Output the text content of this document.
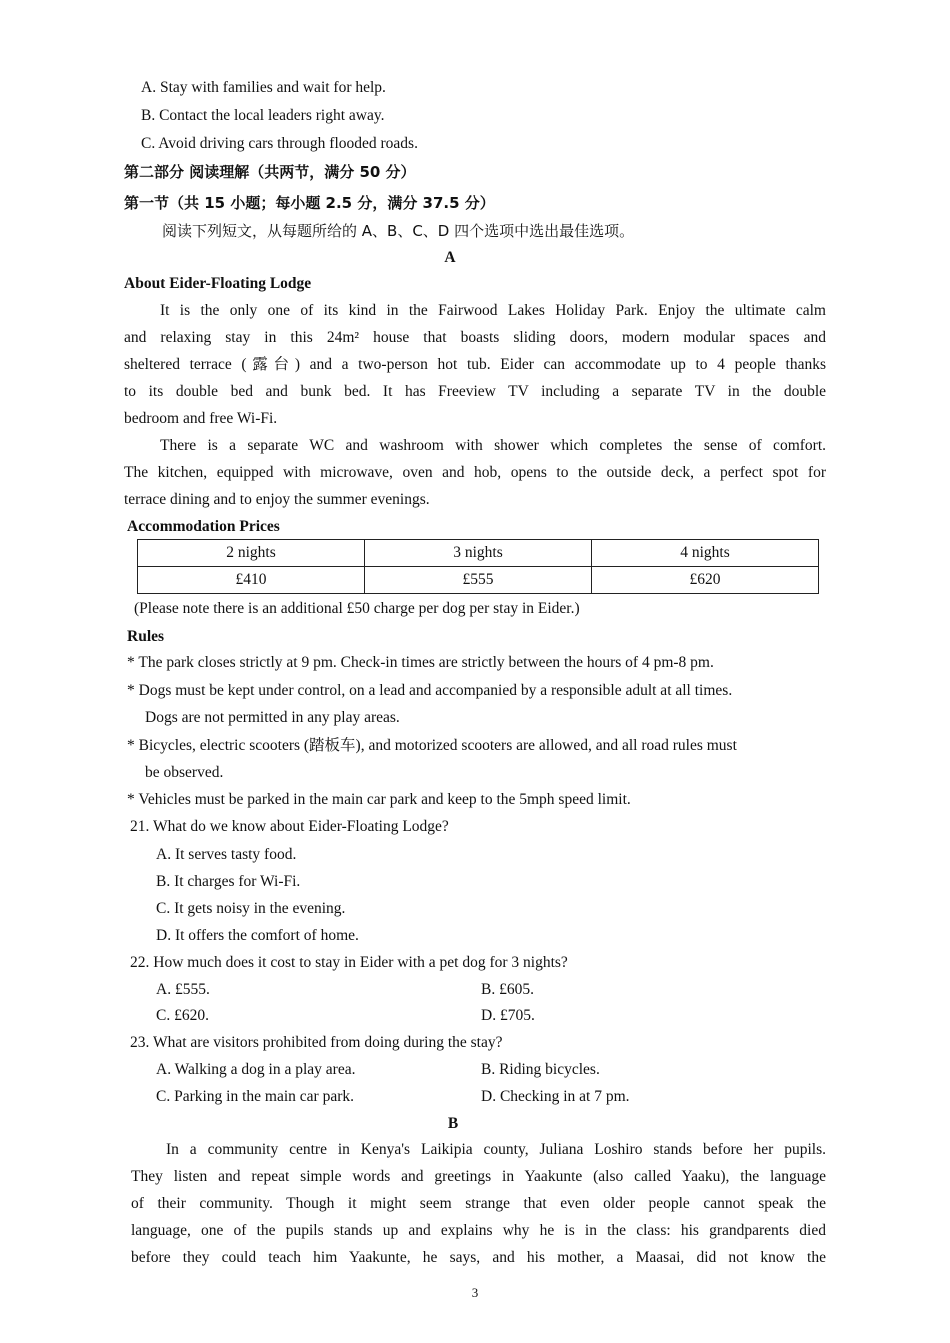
A. Stay with families and wait for help.
B. Contact the local leaders right away.
C. Avoid driving cars through flooded roads.
第二部分 阅读理解（共两节，满分 50 分）
第一节（共 15 小题；每小题 2.5 分，满分 37.5 分）
阅读下列短文，从每题所给的 A、B、C、D 四个选项中选出最佳选项。
A
About Eider-Floating Lodge
It is the only one of its kind in the Fairwood Lakes Holiday Park. Enjoy the ultimate calm
and relaxing stay in this 24m² house that boasts sliding doors, modern modular spaces and
sheltered terrace (露台) and a two-person hot tub. Eider can accommodate up to 4 people thanks
to its double bed and bunk bed. It has Freeview TV including a separate TV in the double
bedroom and free Wi-Fi.
There is a separate WC and washroom with shower which completes the sense of comfort.
The kitchen, equipped with microwave, oven and hob, opens to the outside deck, a perfect spot for
terrace dining and to enjoy the summer evenings.
Accommodation Prices
2 nights	3 nights	4 nights
£410	£555	£620
(Please note there is an additional £50 charge per dog per stay in Eider.)
Rules
* The park closes strictly at 9 pm. Check-in times are strictly between the hours of 4 pm-8 pm.
* Dogs must be kept under control, on a lead and accompanied by a responsible adult at all times.
Dogs are not permitted in any play areas.
* Bicycles, electric scooters (踏板车), and motorized scooters are allowed, and all road rules must
be observed.
* Vehicles must be parked in the main car park and keep to the 5mph speed limit.
21. What do we know about Eider-Floating Lodge?
A. It serves tasty food.
B. It charges for Wi-Fi.
C. It gets noisy in the evening.
D. It offers the comfort of home.
22. How much does it cost to stay in Eider with a pet dog for 3 nights?
A. £555.	B. £605.
C. £620.	D. £705.
23. What are visitors prohibited from doing during the stay?
A. Walking a dog in a play area.	B. Riding bicycles.
C. Parking in the main car park.	D. Checking in at 7 pm.
B
In a community centre in Kenya's Laikipia county, Juliana Loshiro stands before her pupils.
They listen and repeat simple words and greetings in Yaakunte (also called Yaaku), the language
of their community. Though it might seem strange that even older people cannot speak the
language, one of the pupils stands up and explains why he is in the class: his grandparents died
before they could teach him Yaakunte, he says, and his mother, a Maasai, did not know the
3
